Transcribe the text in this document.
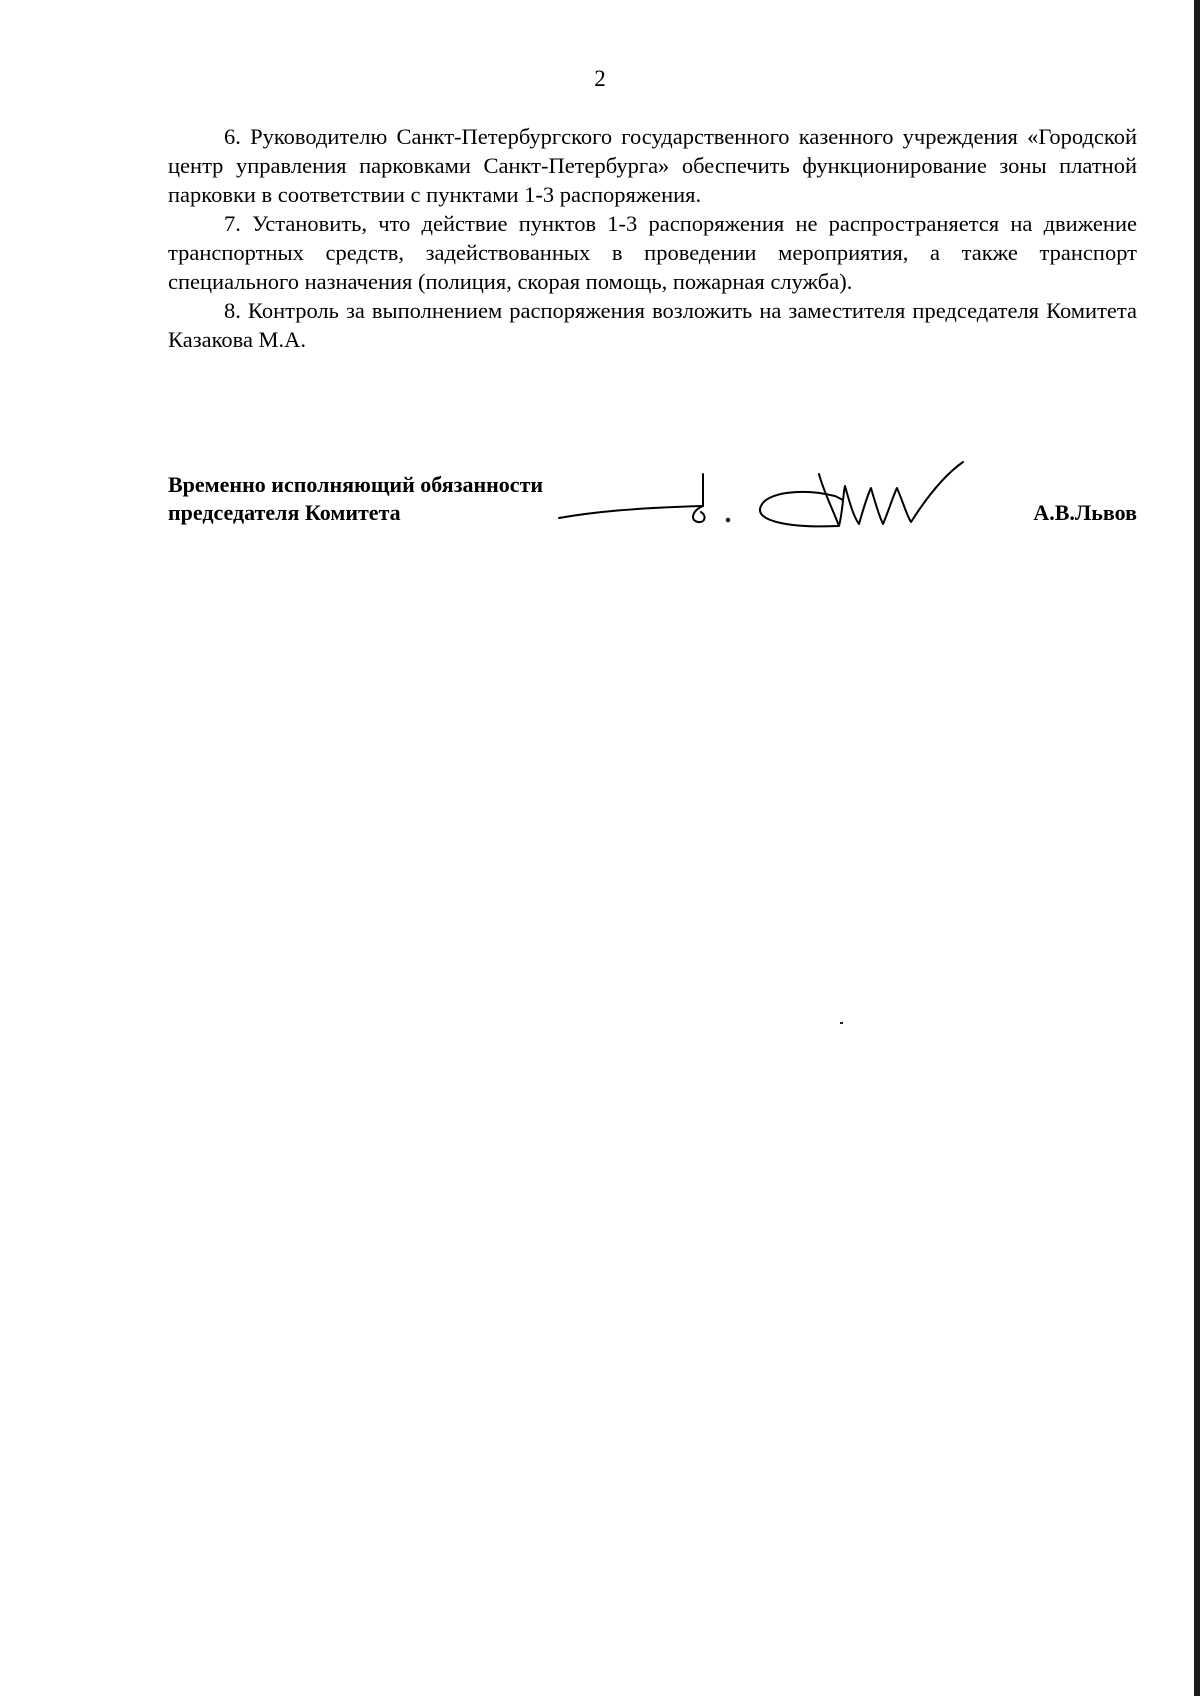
2

6. Руководителю Санкт-Петербургского государственного казенного учреждения «Городской центр управления парковками Санкт-Петербурга» обеспечить функционирование зоны платной парковки в соответствии с пунктами 1-3 распоряжения.

7. Установить, что действие пунктов 1-3 распоряжения не распространяется на движение транспортных средств, задействованных в проведении мероприятия, а также транспорт специального назначения (полиция, скорая помощь, пожарная служба).

8. Контроль за выполнением распоряжения возложить на заместителя председателя Комитета Казакова М.А.

Временно исполняющий обязанности
председателя Комитета	А.В.Львов
